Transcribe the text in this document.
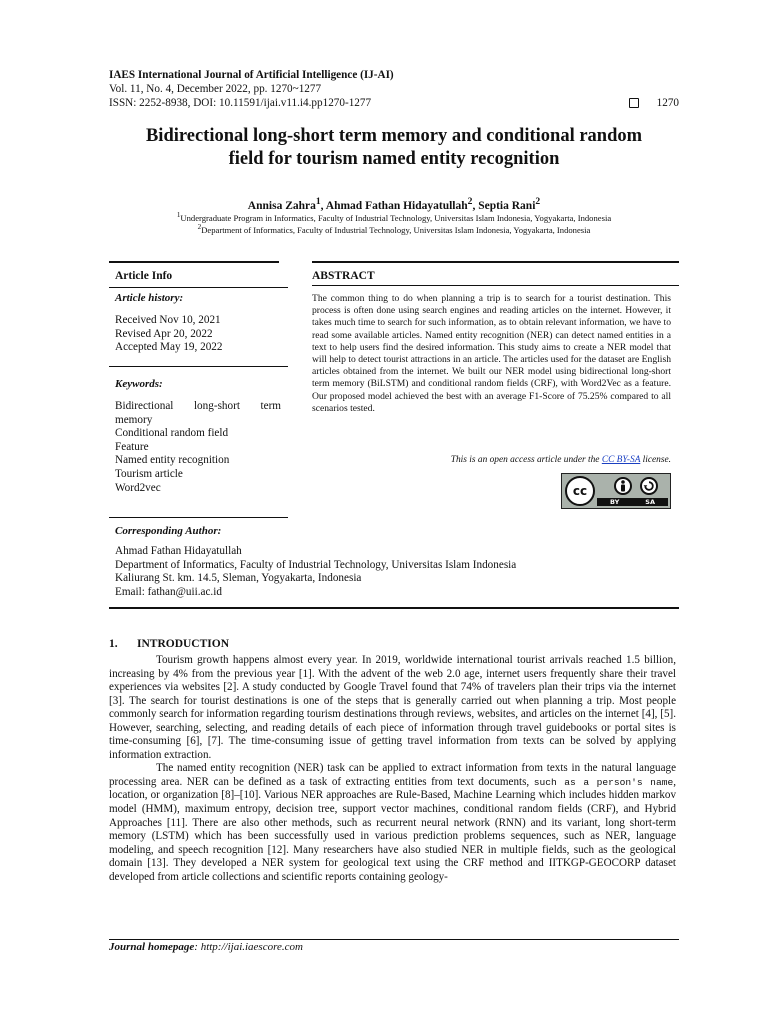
IAES International Journal of Artificial Intelligence (IJ-AI)
Vol. 11, No. 4, December 2022, pp. 1270~1277
ISSN: 2252-8938, DOI: 10.11591/ijai.v11.i4.pp1270-1277	1270
Bidirectional long-short term memory and conditional random
field for tourism named entity recognition
Annisa Zahra$^1$, Ahmad Fathan Hidayatullah$^2$, Septia Rani$^2$
$^1$Undergraduate Program in Informatics, Faculty of Industrial Technology, Universitas Islam Indonesia, Yogyakarta, Indonesia
$^2$Department of Informatics, Faculty of Industrial Technology, Universitas Islam Indonesia, Yogyakarta, Indonesia
Article Info
Article history:
Received Nov 10, 2021
Revised Apr 20, 2022
Accepted May 19, 2022
Keywords:
Bidirectional long-short term memory
Conditional random field
Feature
Named entity recognition
Tourism article
Word2vec
ABSTRACT
The common thing to do when planning a trip is to search for a tourist destination. This process is often done using search engines and reading articles on the internet. However, it takes much time to search for such information, as to obtain relevant information, we have to read some available articles. Named entity recognition (NER) can detect named entities in a text to help users find the desired information. This study aims to create a NER model that will help to detect tourist attractions in an article. The articles used for the dataset are English articles obtained from the internet. We built our NER model using bidirectional long-short term memory (BiLSTM) and conditional random fields (CRF), with Word2Vec as a feature. Our proposed model achieved the best with an average F1-Score of 75.25% compared to all scenarios tested.
This is an open access article under the CC BY-SA license.
cc
BY	SA
Corresponding Author:
Ahmad Fathan Hidayatullah
Department of Informatics, Faculty of Industrial Technology, Universitas Islam Indonesia
Kaliurang St. km. 14.5, Sleman, Yogyakarta, Indonesia
Email: fathan@uii.ac.id
1. INTRODUCTION

Tourism growth happens almost every year. In 2019, worldwide international tourist arrivals reached 1.5 billion, increasing by 4% from the previous year [1]. With the advent of the web 2.0 age, internet users frequently share their travel experiences via websites [2]. A study conducted by Google Travel found that 74% of travelers plan their trips via the internet [3]. The search for tourist destinations is one of the steps that is generally carried out when planning a trip. Most people commonly search for information regarding tourism destinations through reviews, websites, and articles on the internet [4], [5]. However, searching, selecting, and reading details of each piece of information through travel guidebooks or portal sites is time-consuming [6], [7]. The time-consuming issue of getting travel information from texts can be solved by applying information extraction.

The named entity recognition (NER) task can be applied to extract information from texts in the natural language processing area. NER can be defined as a task of extracting entities from text documents, such as a person's name, location, or organization [8]–[10]. Various NER approaches are Rule-Based, Machine Learning which includes hidden markov model (HMM), maximum entropy, decision tree, support vector machines, conditional random fields (CRF), and Hybrid Approaches [11]. There are also other methods, such as recurrent neural network (RNN) and its variant, long short-term memory (LSTM) which has been successfully used in various prediction problems sequences, such as NER, language modeling, and speech recognition [12]. Many researchers have also studied NER in multiple fields, such as the geological domain [13]. They developed a NER system for geological text using the CRF method and IITKGP-GEOCORP dataset developed from article collections and scientific reports containing geology-

Journal homepage: http://ijai.iaescore.com
